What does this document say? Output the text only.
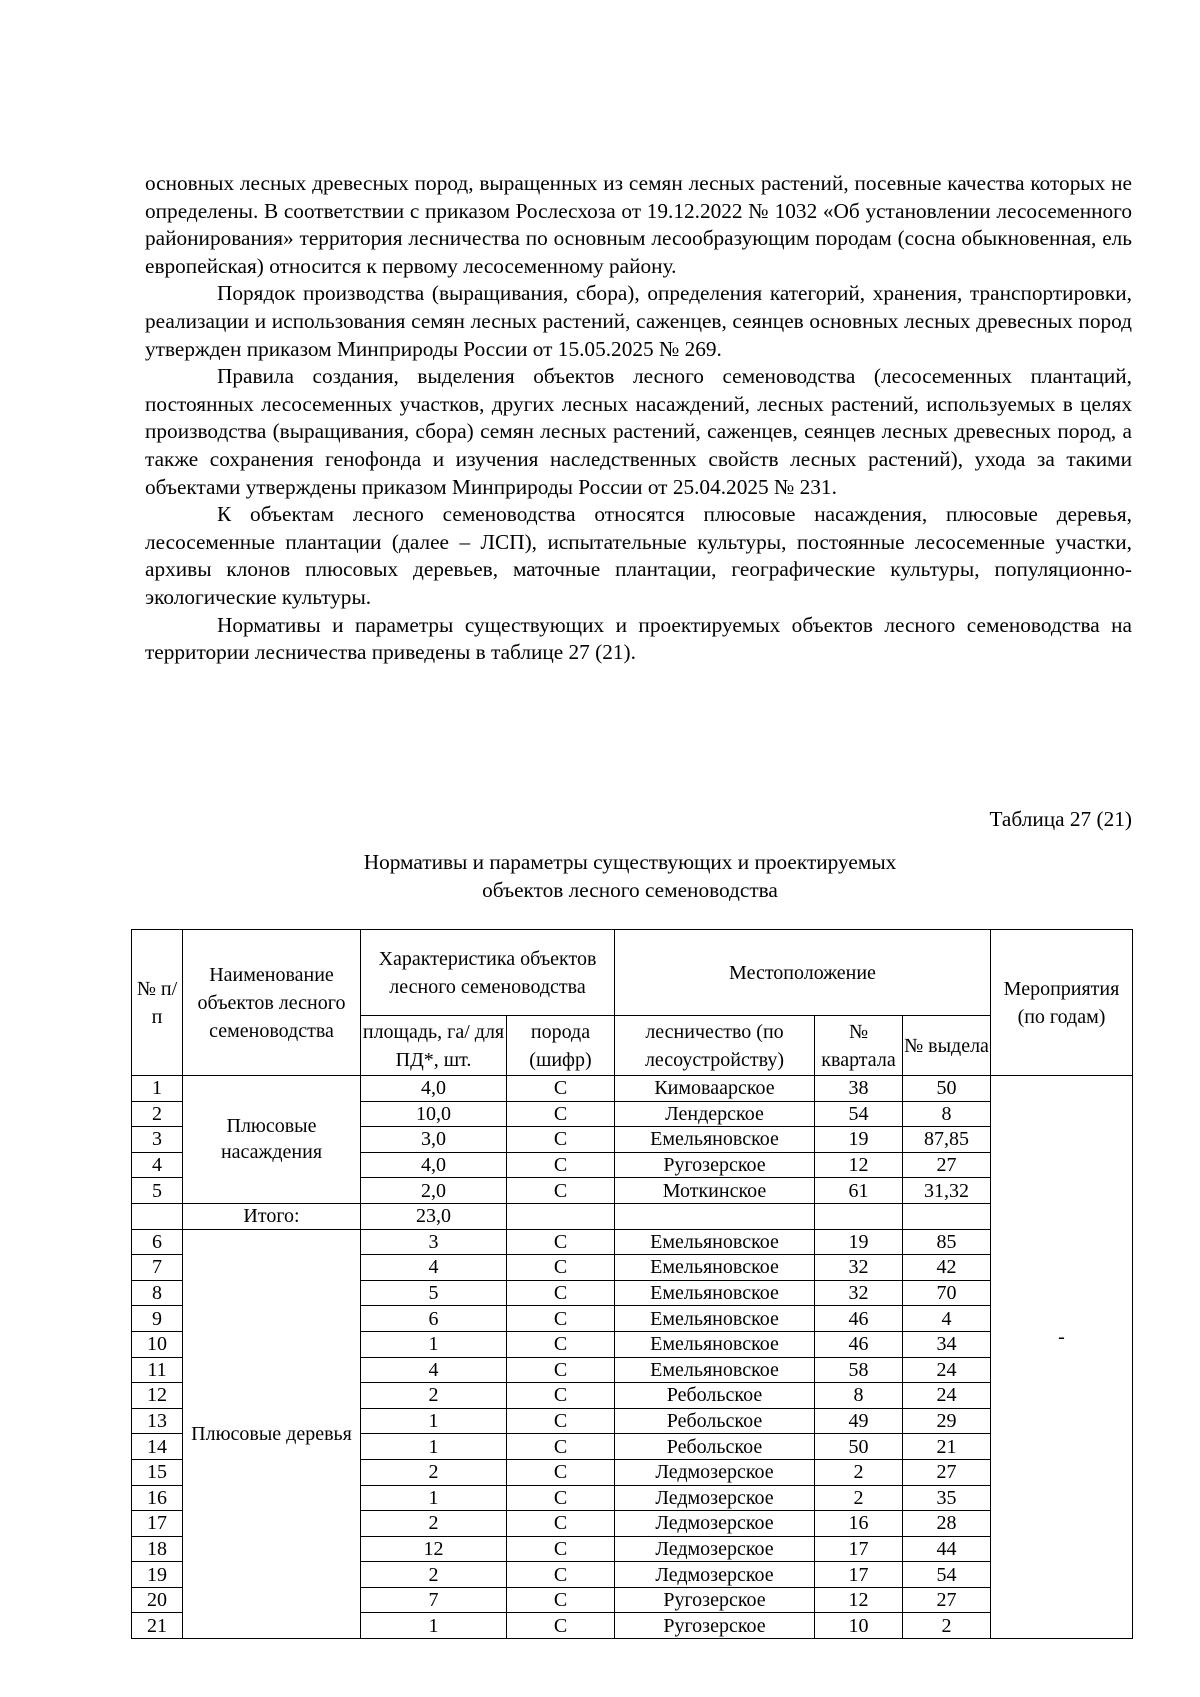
основных лесных древесных пород, выращенных из семян лесных растений, посевные качества которых не определены. В соответствии с приказом Рослесхоза от 19.12.2022 № 1032 «Об установлении лесосеменного районирования» территория лесничества по основным лесообразующим породам (сосна обыкновенная, ель европейская) относится к первому лесосеменному району.

Порядок производства (выращивания, сбора), определения категорий, хранения, транспортировки, реализации и использования семян лесных растений, саженцев, сеянцев основных лесных древесных пород утвержден приказом Минприроды России от 15.05.2025 № 269.

Правила создания, выделения объектов лесного семеноводства (лесосеменных плантаций, постоянных лесосеменных участков, других лесных насаждений, лесных растений, используемых в целях производства (выращивания, сбора) семян лесных растений, саженцев, сеянцев лесных древесных пород, а также сохранения генофонда и изучения наследственных свойств лесных растений), ухода за такими объектами утверждены приказом Минприроды России от 25.04.2025 № 231.

К объектам лесного семеноводства относятся плюсовые насаждения, плюсовые деревья, лесосеменные плантации (далее – ЛСП), испытательные культуры, постоянные лесосеменные участки, архивы клонов плюсовых деревьев, маточные плантации, географические культуры, популяционно-экологические культуры.

Нормативы и параметры существующих и проектируемых объектов лесного семеноводства на территории лесничества приведены в таблице 27 (21).

Таблица 27 (21)
Нормативы и параметры существующих и проектируемых
объектов лесного семеноводства
№ п/п	Наименование объектов лесного семеноводства	Характеристика объектов лесного семеноводства		Местоположение			Мероприятия (по годам)
		площадь, га/ для ПД*, шт.	порода (шифр)	лесничество (по лесоустройству)	№ квартала	№ выдела	
1	Плюсовые насаждения	4,0	С	Кимоваарское	38	50	-
2		10,0	С	Лендерское	54	8	
3		3,0	С	Емельяновское	19	87,85	
4		4,0	С	Ругозерское	12	27	
5		2,0	С	Моткинское	61	31,32	
	Итого:	23,0					
6	Плюсовые деревья	3	С	Емельяновское	19	85	
7		4	С	Емельяновское	32	42	
8		5	С	Емельяновское	32	70	
9		6	С	Емельяновское	46	4	
10		1	С	Емельяновское	46	34	
11		4	С	Емельяновское	58	24	
12		2	С	Ребольское	8	24	
13		1	С	Ребольское	49	29	
14		1	С	Ребольское	50	21	
15		2	С	Ледмозерское	2	27	
16		1	С	Ледмозерское	2	35	
17		2	С	Ледмозерское	16	28	
18		12	С	Ледмозерское	17	44	
19		2	С	Ледмозерское	17	54	
20		7	С	Ругозерское	12	27	
21		1	С	Ругозерское	10	2	
